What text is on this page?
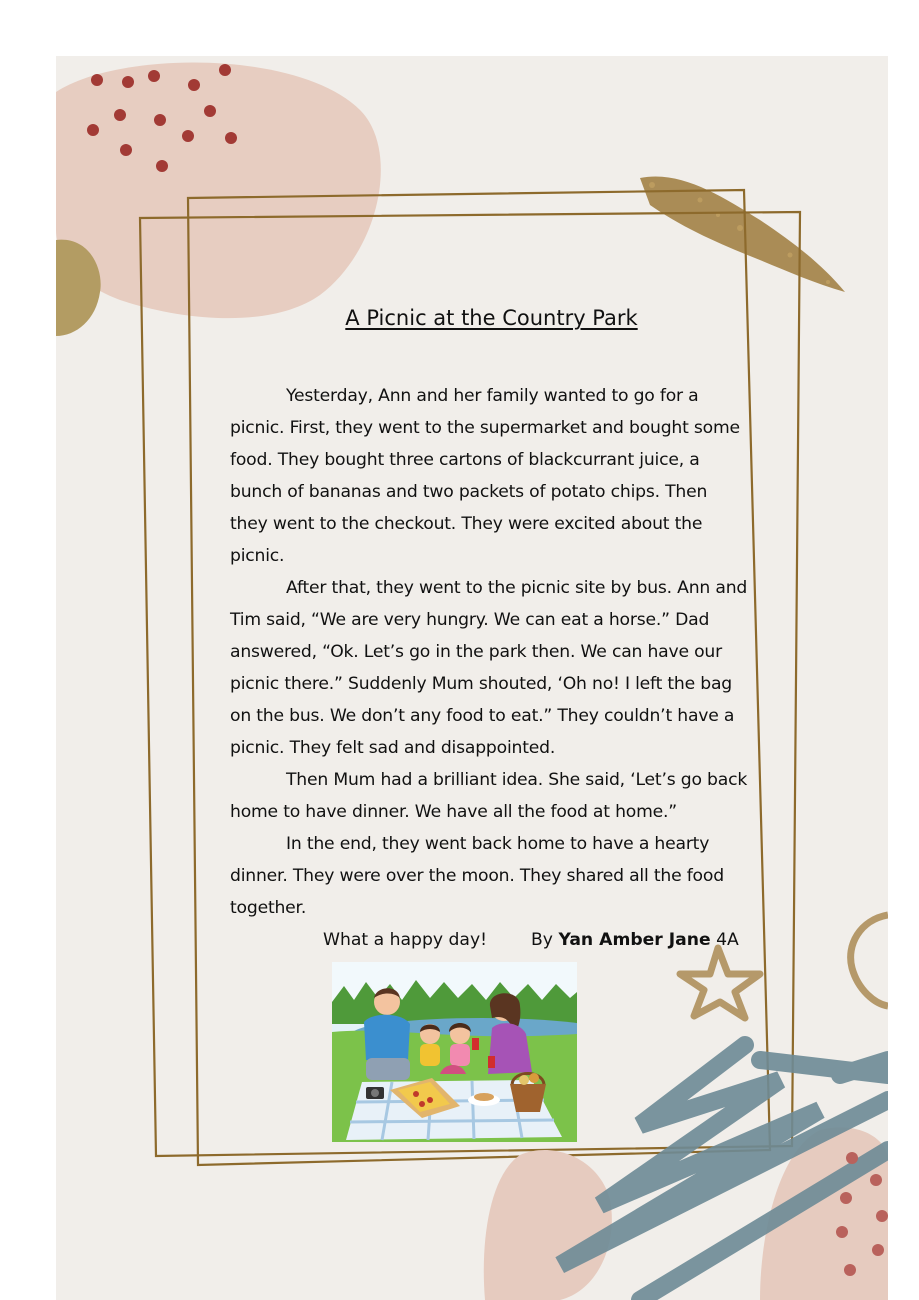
A Picnic at the Country Park

Yesterday, Ann and her family wanted to go for a picnic. First, they went to the supermarket and bought some food. They bought three cartons of blackcurrant juice, a bunch of bananas and two packets of potato chips. Then they went to the checkout. They were excited about the picnic.

After that, they went to the picnic site by bus. Ann and Tim said, “We are very hungry. We can eat a horse.” Dad answered, “Ok. Let’s go in the park then. We can have our picnic there.” Suddenly Mum shouted, ‘Oh no! I left the bag on the bus. We don’t any food to eat.” They couldn’t have a picnic. They felt sad and disappointed.

Then Mum had a brilliant idea. She said, ‘Let’s go back home to have dinner. We have all the food at home.”

In the end, they went back home to have a hearty dinner. They were over the moon. They shared all the food together.

What a happy day!	By Yan Amber Jane 4A
